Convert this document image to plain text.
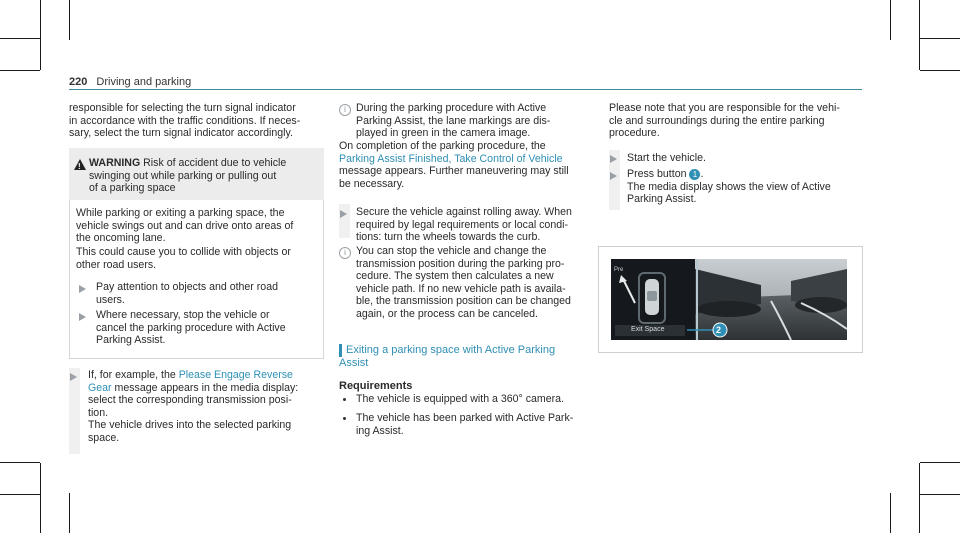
220 Driving and parking

responsible for selecting the turn signal indicator

in accordance with the traffic conditions. If neces-

sary, select the turn signal indicator accordingly.

! WARNING Risk of accident due to vehicle

swinging out while parking or pulling out

of a parking space

While parking or exiting a parking space, the

vehicle swings out and can drive onto areas of

the oncoming lane.

This could cause you to collide with objects or

other road users.

Pay attention to objects and other road

users.

Where necessary, stop the vehicle or

cancel the parking procedure with Active

Parking Assist.

If, for example, the Please Engage Reverse

Gear message appears in the media display:

select the corresponding transmission posi-

tion.

The vehicle drives into the selected parking

space.

i During the parking procedure with Active

Parking Assist, the lane markings are dis-

played in green in the camera image.

On completion of the parking procedure, the

Parking Assist Finished, Take Control of Vehicle

message appears. Further maneuvering may still

be necessary.

Secure the vehicle against rolling away. When

required by legal requirements or local condi-

tions: turn the wheels towards the curb.

i You can stop the vehicle and change the

transmission position during the parking pro-

cedure. The system then calculates a new

vehicle path. If no new vehicle path is availa-

ble, the transmission position can be changed

again, or the process can be canceled.

Exiting a parking space with Active Parking

Assist

Requirements

The vehicle is equipped with a 360° camera.

The vehicle has been parked with Active Park-

ing Assist.

Please note that you are responsible for the vehi-

cle and surroundings during the entire parking

procedure.

Start the vehicle.

Press button 1 .

The media display shows the view of Active

Parking Assist.

Pre
Exit Space	2
